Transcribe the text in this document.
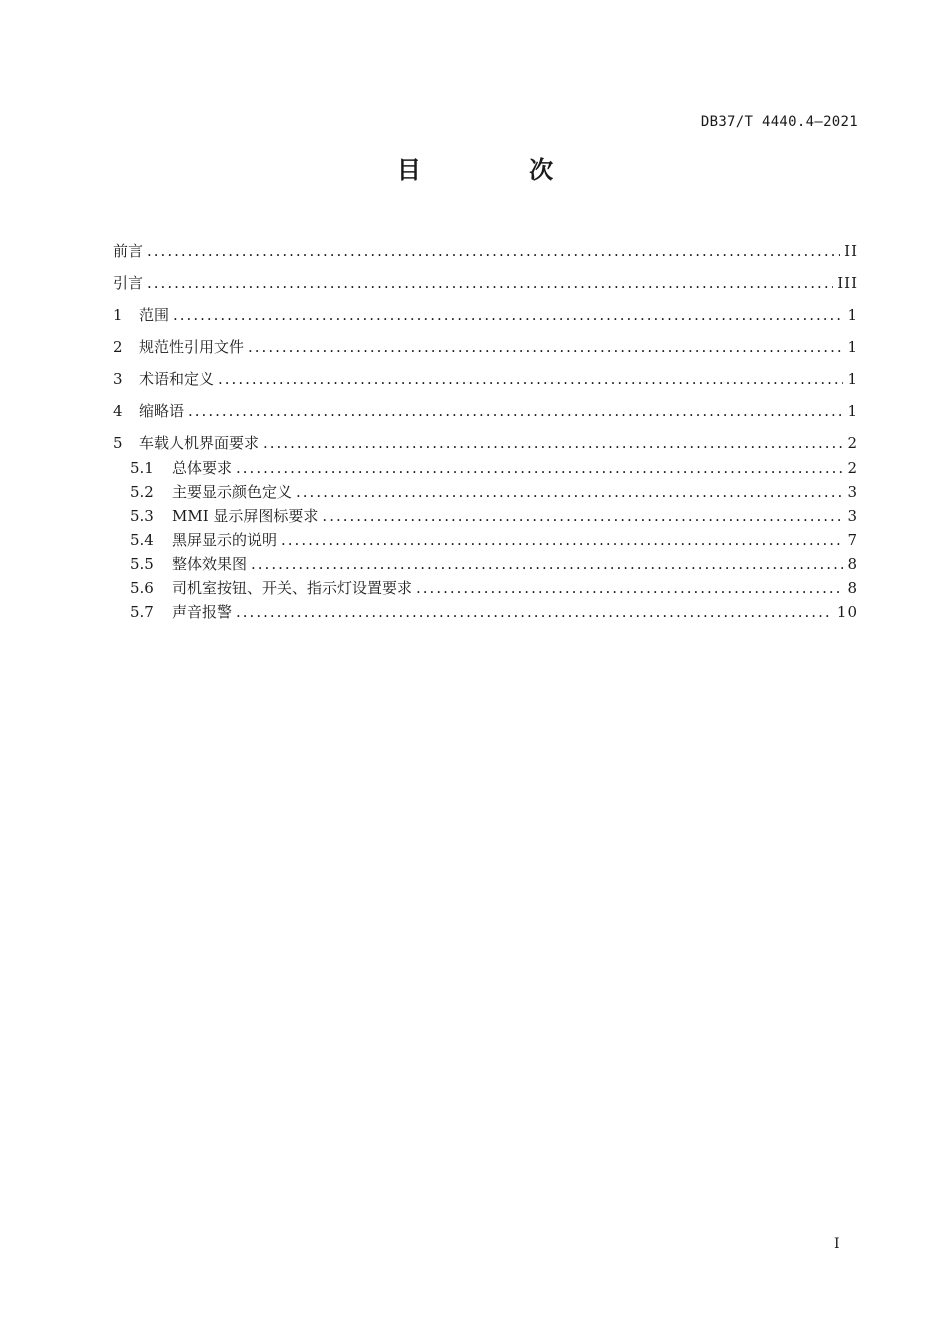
DB37/T 4440.4—2021
目 次
前言 .....	II
引言 .....	III
1	范围 .....	1
2	规范性引用文件 .....	1
3	术语和定义 .....	1
4	缩略语 .....	1
5	车载人机界面要求 .....	2
5.1	总体要求 .....	2
5.2	主要显示颜色定义 .....	3
5.3	MMI 显示屏图标要求 .....	3
5.4	黑屏显示的说明 .....	7
5.5	整体效果图 .....	8
5.6	司机室按钮、开关、指示灯设置要求 .....	8
5.7	声音报警 .....	10
I
